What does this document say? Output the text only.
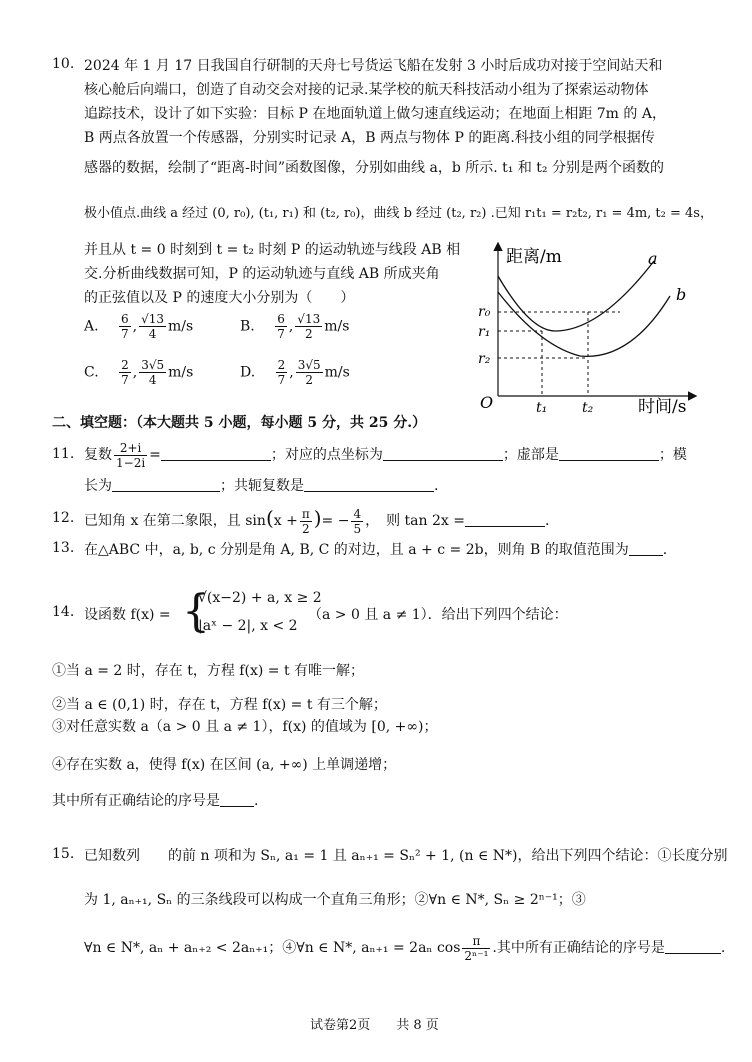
10. 2024 年 1 月 17 日我国自行研制的天舟七号货运飞船在发射 3 小时后成功对接于空间站天和
核心舱后向端口，创造了自动交会对接的记录.某学校的航天科技活动小组为了探索运动物体
追踪技术，设计了如下实验：目标 P 在地面轨道上做匀速直线运动；在地面上相距 7m 的 A，
B 两点各放置一个传感器，分别实时记录 A，B 两点与物体 P 的距离.科技小组的同学根据传
感器的数据，绘制了“距离-时间”函数图像，分别如曲线 a，b 所示. t₁ 和 t₂ 分别是两个函数的
极小值点.曲线 a 经过 (0, r₀), (t₁, r₁) 和 (t₂, r₀)，曲线 b 经过 (t₂, r₂) .已知 r₁t₁ = r₂t₂, r₁ = 4m, t₂ = 4s，
并且从 t = 0 时刻到 t = t₂ 时刻 P 的运动轨迹与线段 AB 相
交.分析曲线数据可知，P 的运动轨迹与直线 AB 所成夹角
的正弦值以及 P 的速度大小分别为（　　）
A. $\frac{6}{7}$ , $\frac{√13}{4} m/s$	B. $\frac{6}{7}$ , $\frac{√13}{2} m/s$
C. $\frac{2}{7}$ , $\frac{3√5}{4} m/s$	D. $\frac{2}{7}$ , $\frac{3√5}{2} m/s$
距离/m
时间/s
O
a
b
r₀
r₁
r₂
t₁ t₂
二、填空题：（本大题共 5 小题，每小题 5 分，共 25 分.）
11. 复数 $\frac{2+i}{1-2i}$ =	；对应的点坐标为	；虚部是	；模
长为	；共轭复数是	.
12. 已知角 x 在第二象限，且 $\sin(x + \frac{\pi}{2}$ )= − $\frac{4}{5}$ ，　则 tan 2x =	.
13. 在△ABC 中，a, b, c 分别是角 A, B, C 的对边，且 a + c = 2b，则角 B 的取值范围为 .
14. 设函数 f(x) = {
√(x−2) + a, x ≥ 2
|aˣ − 2|, x < 2
（a > 0 且 a ≠ 1）．给出下列四个结论：
①当 a = 2 时，存在 t，方程 f(x) = t 有唯一解；
②当 a ∈ (0,1) 时，存在 t，方程 f(x) = t 有三个解；
③对任意实数 a（a > 0 且 a ≠ 1），f(x) 的值域为 [0, +∞)；
④存在实数 a，使得 f(x) 在区间 (a, +∞) 上单调递增；
其中所有正确结论的序号是 .
15. 已知数列　　的前 n 项和为 Sₙ, a₁ = 1 且 aₙ₊₁ = Sₙ² + 1, (n ∈ N*)，给出下列四个结论：①长度分别
为 1, aₙ₊₁, Sₙ 的三条线段可以构成一个直角三角形；②∀n ∈ N*, Sₙ ≥ 2ⁿ⁻¹；③
∀n ∈ N*, aₙ + aₙ₊₂ < 2aₙ₊₁；④∀n ∈ N*, aₙ₊₁ = 2aₙ $\cos \frac{\pi}{\text{2ⁿ⁻¹}}$ .其中所有正确结论的序号是	.
试卷第2页　　共 8 页
